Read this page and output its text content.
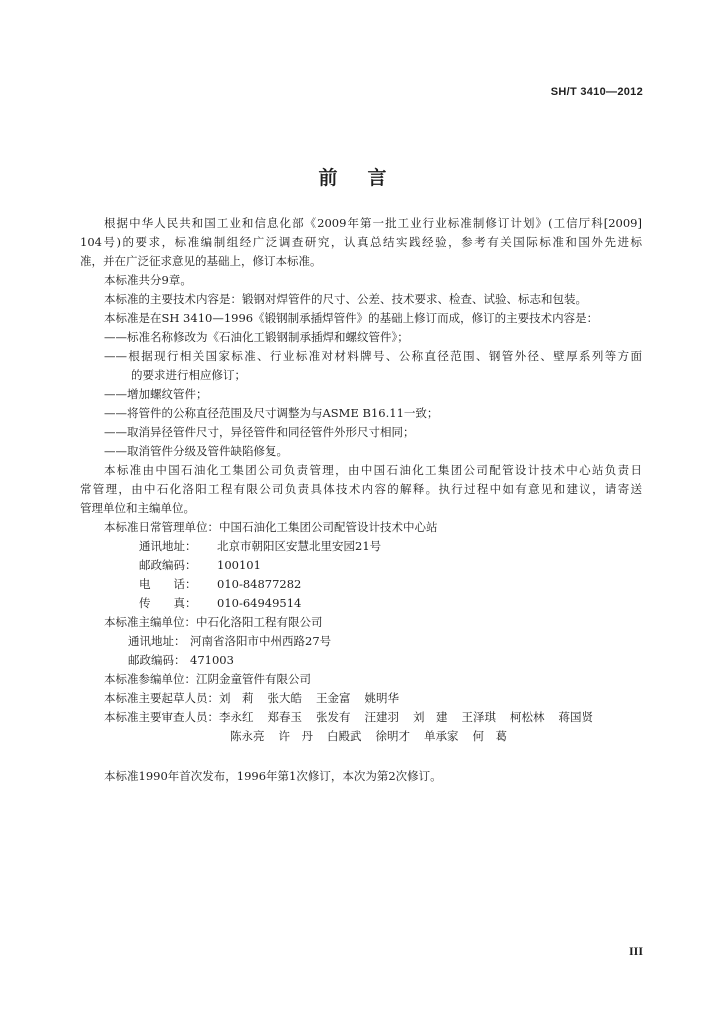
SH/T 3410—2012
前言
根据中华人民共和国工业和信息化部《2009年第一批工业行业标准制修订计划》(工信厅科[2009]
104号)的要求，标准编制组经广泛调查研究，认真总结实践经验，参考有关国际标准和国外先进标
准，并在广泛征求意见的基础上，修订本标准。
本标准共分9章。
本标准的主要技术内容是：锻钢对焊管件的尺寸、公差、技术要求、检查、试验、标志和包装。
本标准是在SH 3410—1996《锻钢制承插焊管件》的基础上修订而成，修订的主要技术内容是：
——标准名称修改为《石油化工锻钢制承插焊和螺纹管件》；
——根据现行相关国家标准、行业标准对材料牌号、公称直径范围、钢管外径、壁厚系列等方面
的要求进行相应修订；
——增加螺纹管件；
——将管件的公称直径范围及尺寸调整为与ASME B16.11一致；
——取消异径管件尺寸，异径管件和同径管件外形尺寸相同；
——取消管件分级及管件缺陷修复。
本标准由中国石油化工集团公司负责管理，由中国石油化工集团公司配管设计技术中心站负责日
常管理，由中石化洛阳工程有限公司负责具体技术内容的解释。执行过程中如有意见和建议，请寄送
管理单位和主编单位。
本标准日常管理单位： 中国石油化工集团公司配管设计技术中心站
通讯地址：	北京市朝阳区安慧北里安园21号
邮政编码：	100101
电　　话：	010-84877282
传　　真：	010-64949514
本标准主编单位： 中石化洛阳工程有限公司
通讯地址： 河南省洛阳市中州西路27号
邮政编码： 471003
本标准参编单位： 江阴金童管件有限公司
本标准主要起草人员： 刘　莉 张大皓 王金富 姚明华
本标准主要审查人员： 李永红 郑春玉 张发有 汪建羽 刘　建 王泽琪 柯松林 蒋国贤
陈永亮 许　丹 白殿武 徐明才 单承家 何　葛
本标准1990年首次发布，1996年第1次修订，本次为第2次修订。
III
